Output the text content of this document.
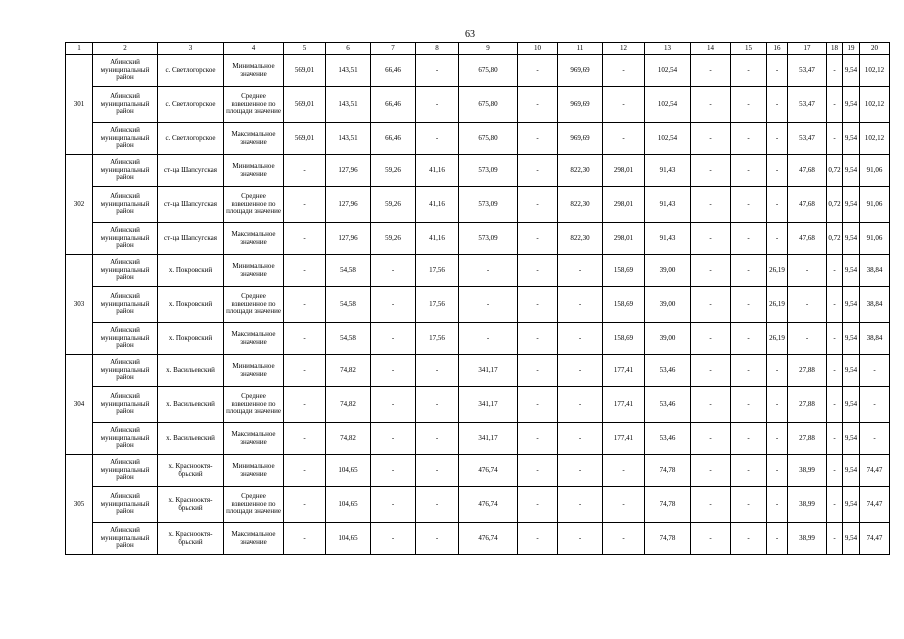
63
1	2	3	4	5	6	7	8	9	10	11	12	13	14	15	16	17	18	19	20
301	Абинский муниципальный район	с. Светлогорское	Минимальное значение	569,01	143,51	66,46	-	675,80	-	969,69	-	102,54	-	-	-	53,47	-	9,54	102,12
	Абинский муниципальный район	с. Светлогорское	Среднее взвешенное по площади значение	569,01	143,51	66,46	-	675,80	-	969,69	-	102,54	-	-	-	53,47	-	9,54	102,12
	Абинский муниципальный район	с. Светлогорское	Максимальное значение	569,01	143,51	66,46	-	675,80	-	969,69	-	102,54	-	-	-	53,47	-	9,54	102,12
302	Абинский муниципальный район	ст-ца Шапсугская	Минимальное значение	-	127,96	59,26	41,16	573,09	-	822,30	298,01	91,43	-	-	-	47,68	0,72	9,54	91,06
	Абинский муниципальный район	ст-ца Шапсугская	Среднее взвешенное по площади значение	-	127,96	59,26	41,16	573,09	-	822,30	298,01	91,43	-	-	-	47,68	0,72	9,54	91,06
	Абинский муниципальный район	ст-ца Шапсугская	Максимальное значение	-	127,96	59,26	41,16	573,09	-	822,30	298,01	91,43	-	-	-	47,68	0,72	9,54	91,06
303	Абинский муниципальный район	х. Покровский	Минимальное значение	-	54,58	-	17,56	-	-	-	158,69	39,00	-	-	26,19	-	-	9,54	38,84
	Абинский муниципальный район	х. Покровский	Среднее взвешенное по площади значение	-	54,58	-	17,56	-	-	-	158,69	39,00	-	-	26,19	-	-	9,54	38,84
	Абинский муниципальный район	х. Покровский	Максимальное значение	-	54,58	-	17,56	-	-	-	158,69	39,00	-	-	26,19	-	-	9,54	38,84
304	Абинский муниципальный район	х. Васильевский	Минимальное значение	-	74,82	-	-	341,17	-	-	177,41	53,46	-	-	-	27,88	-	9,54	-
	Абинский муниципальный район	х. Васильевский	Среднее взвешенное по площади значение	-	74,82	-	-	341,17	-	-	177,41	53,46	-	-	-	27,88	-	9,54	-
	Абинский муниципальный район	х. Васильевский	Максимальное значение	-	74,82	-	-	341,17	-	-	177,41	53,46	-	-	-	27,88	-	9,54	-
305	Абинский муниципальный район	х. Краснооктя-брьский	Минимальное значение	-	104,65	-	-	476,74	-	-	-	74,78	-	-	-	38,99	-	9,54	74,47
	Абинский муниципальный район	х. Краснооктя-брьский	Среднее взвешенное по площади значение	-	104,65	-	-	476,74	-	-	-	74,78	-	-	-	38,99	-	9,54	74,47
	Абинский муниципальный район	х. Краснооктя-брьский	Максимальное значение	-	104,65	-	-	476,74	-	-	-	74,78	-	-	-	38,99	-	9,54	74,47
